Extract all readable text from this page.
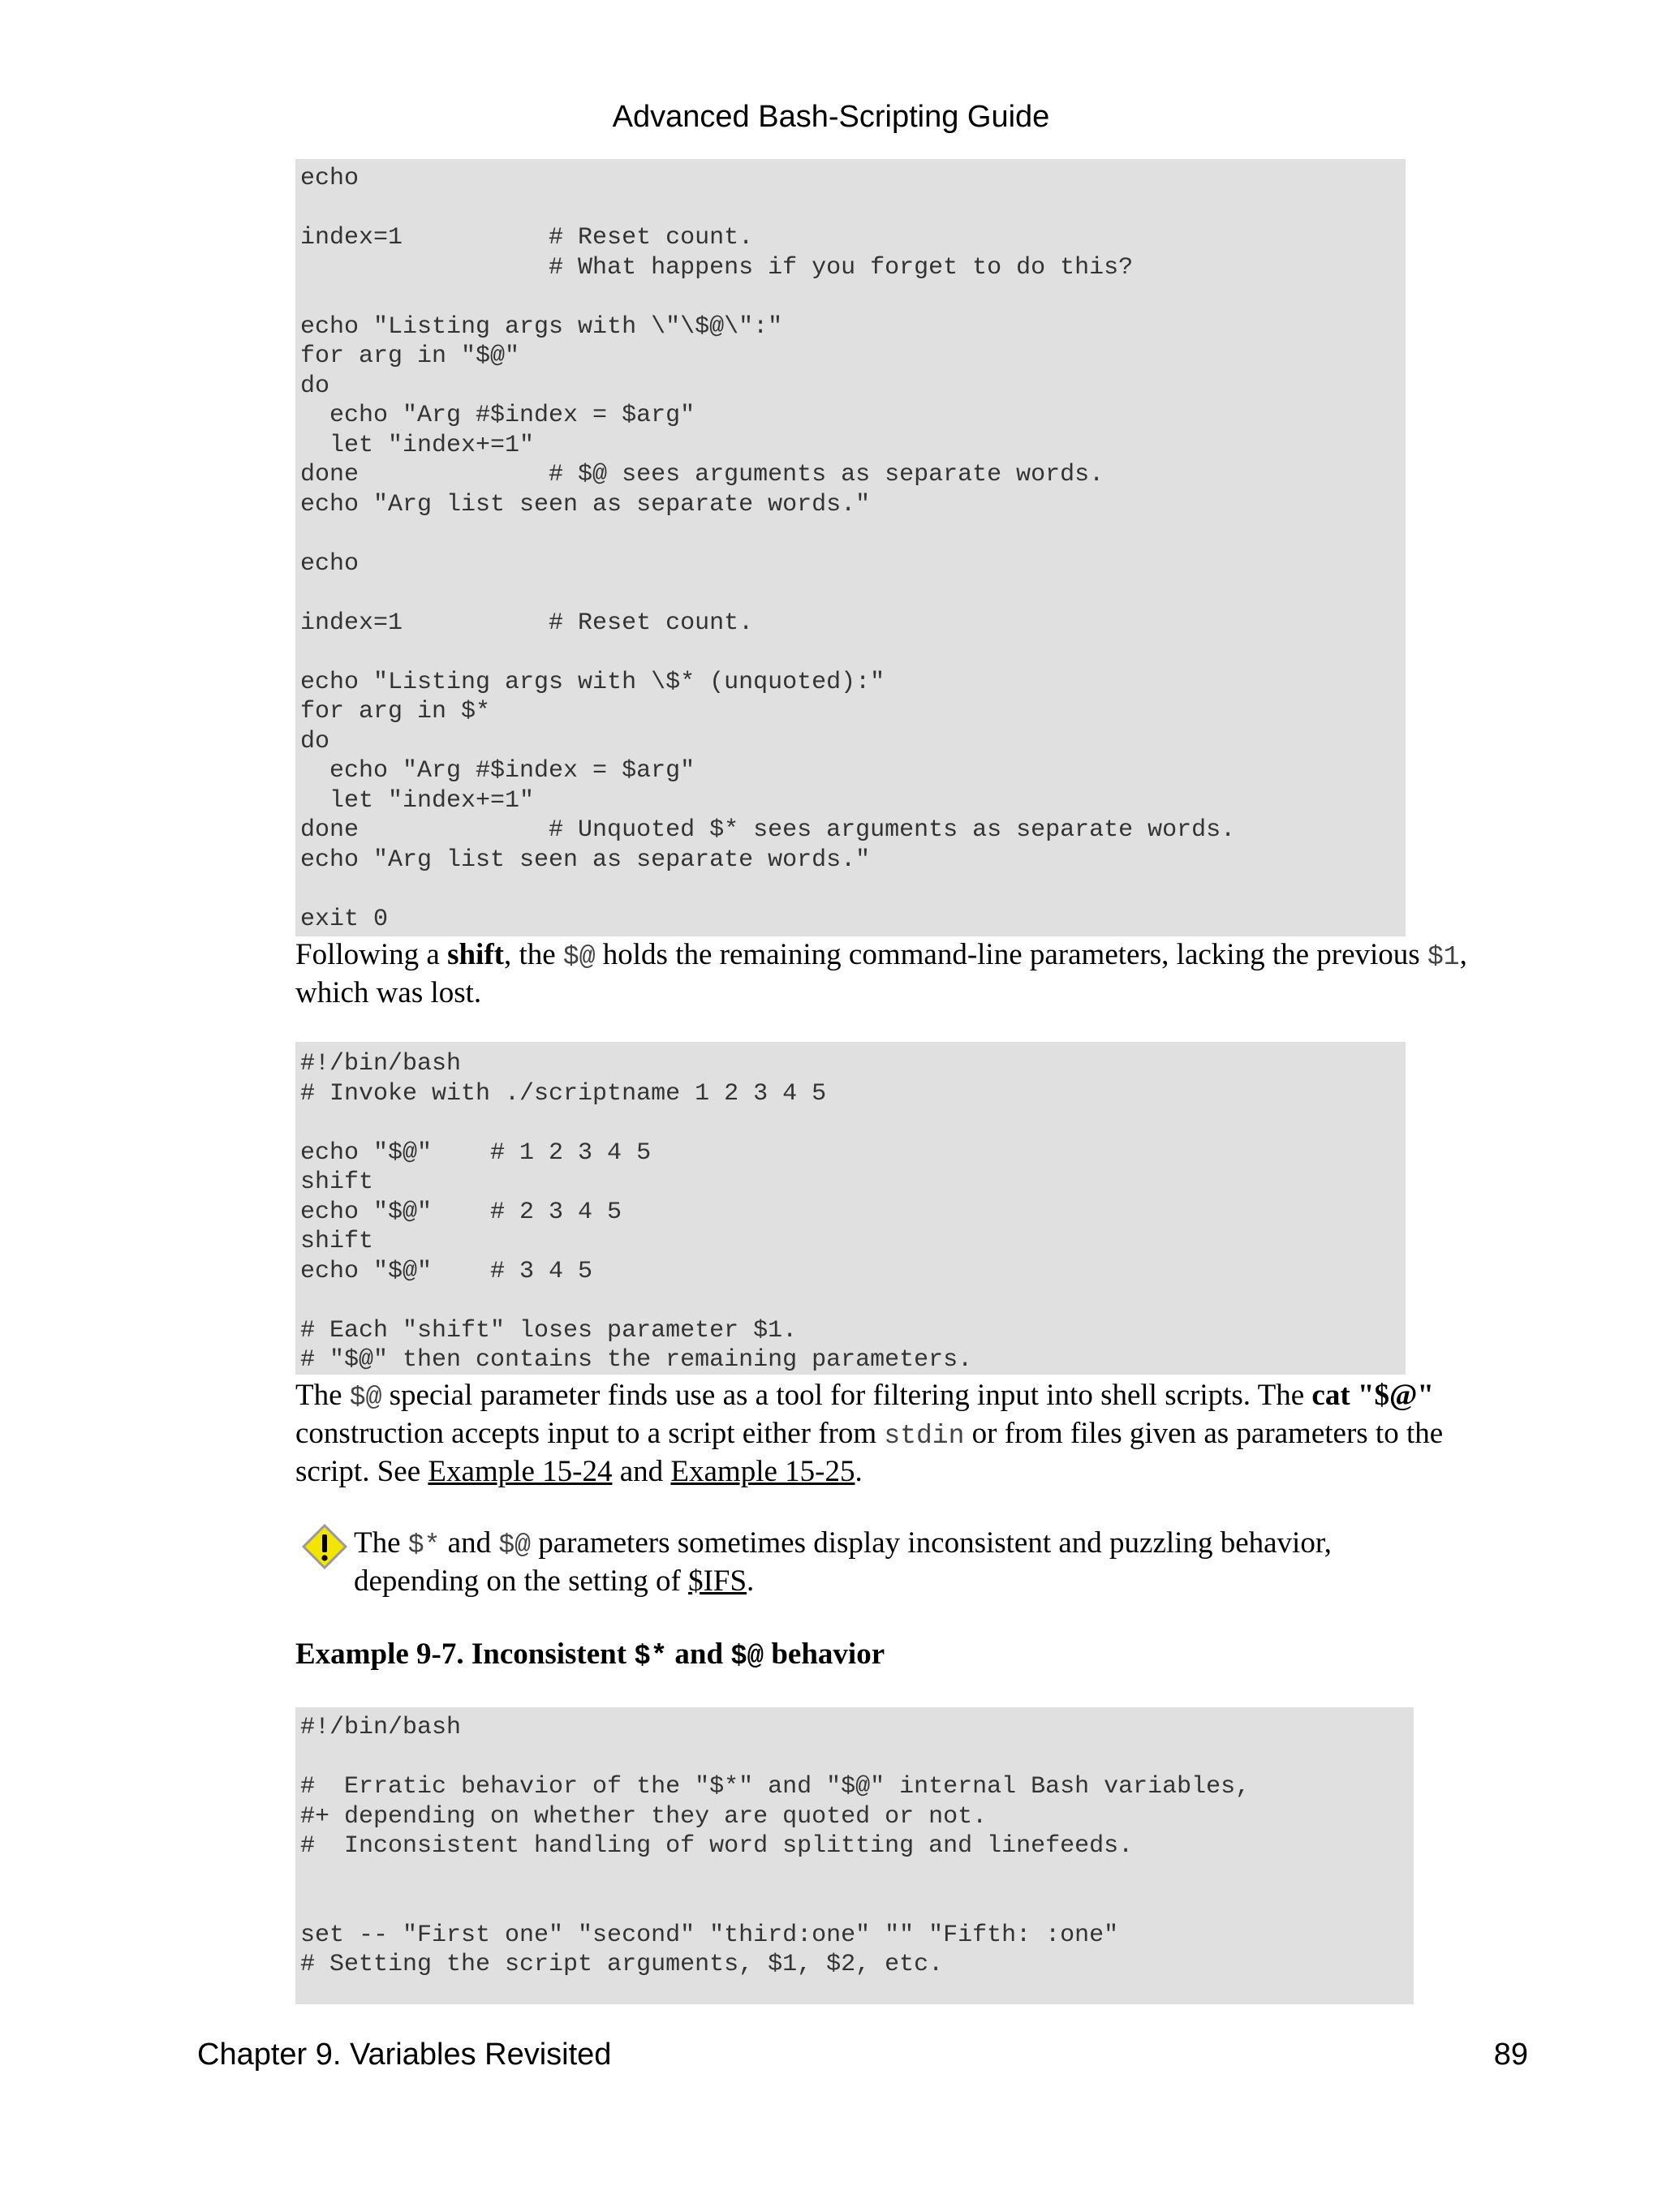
Advanced Bash-Scripting Guide
echo

index=1          # Reset count.
# What happens if you forget to do this?

echo "Listing args with \"\$@\":"
for arg in "$@"
do
echo "Arg #$index = $arg"
let "index+=1"
done             # $@ sees arguments as separate words.
echo "Arg list seen as separate words."

echo

index=1          # Reset count.

echo "Listing args with \$* (unquoted):"
for arg in $*
do
echo "Arg #$index = $arg"
let "index+=1"
done             # Unquoted $* sees arguments as separate words.
echo "Arg list seen as separate words."

exit 0

Following a shift, the $@ holds the remaining command-line parameters, lacking the previous $1, which was lost.

#!/bin/bash
# Invoke with ./scriptname 1 2 3 4 5

echo "$@"    # 1 2 3 4 5
shift
echo "$@"    # 2 3 4 5
shift
echo "$@"    # 3 4 5

# Each "shift" loses parameter $1.
# "$@" then contains the remaining parameters.

The $@ special parameter finds use as a tool for filtering input into shell scripts. The cat "$@" construction accepts input to a script either from stdin or from files given as parameters to the script. See Example 15-24 and Example 15-25.

The $* and $@ parameters sometimes display inconsistent and puzzling behavior, depending on the setting of $IFS.

Example 9-7. Inconsistent $* and $@ behavior
#!/bin/bash

#  Erratic behavior of the "$*" and "$@" internal Bash variables,
#+ depending on whether they are quoted or not.
#  Inconsistent handling of word splitting and linefeeds.

set -- "First one" "second" "third:one" "" "Fifth: :one"
# Setting the script arguments, $1, $2, etc.
Chapter 9. Variables Revisited	89
